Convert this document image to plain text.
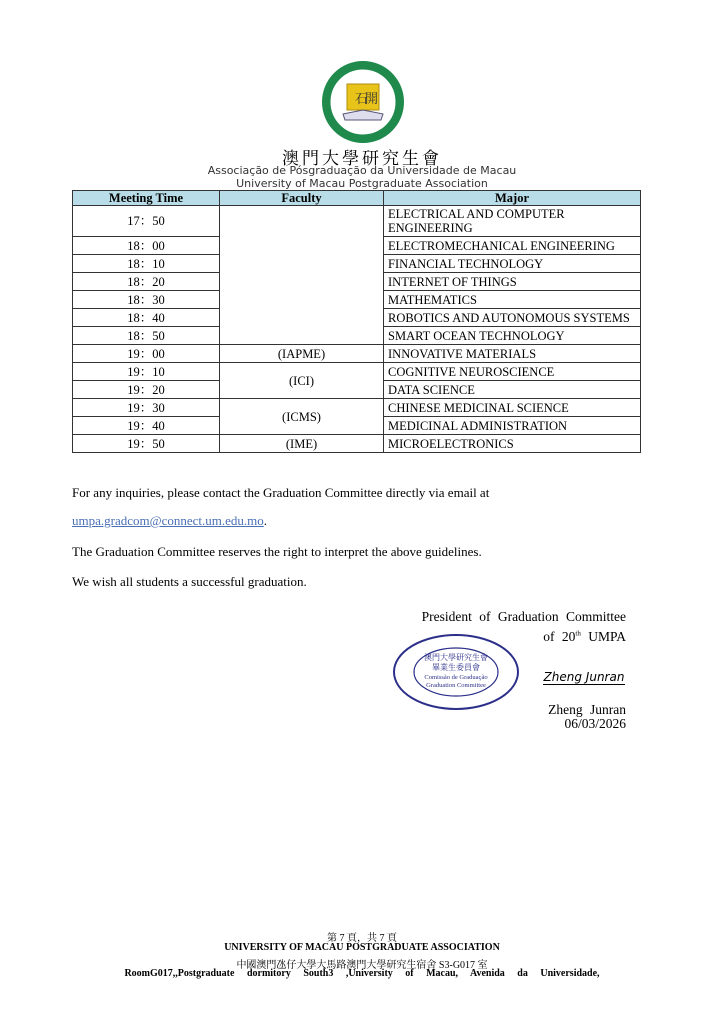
石
開
澳門大學研究生會
Associação de Pósgraduação da Universidade de Macau
University of Macau Postgraduate Association
Meeting Time	Faculty	Major
17：50		ELECTRICAL AND COMPUTER ENGINEERING
18：00		ELECTROMECHANICAL ENGINEERING
18：10		FINANCIAL TECHNOLOGY
18：20		INTERNET OF THINGS
18：30		MATHEMATICS
18：40		ROBOTICS AND AUTONOMOUS SYSTEMS
18：50		SMART OCEAN TECHNOLOGY
19：00	(IAPME)	INNOVATIVE MATERIALS
19：10	(ICI)	COGNITIVE NEUROSCIENCE
19：20		DATA SCIENCE
19：30	(ICMS)	CHINESE MEDICINAL SCIENCE
19：40		MEDICINAL ADMINISTRATION
19：50	(IME)	MICROELECTRONICS
For any inquiries, please contact the Graduation Committee directly via email at
umpa.gradcom@connect.um.edu.mo.
The Graduation Committee reserves the right to interpret the above guidelines.
We wish all students a successful graduation.
President of Graduation Committee
of 20th UMPA
澳門大學研究生會
畢業生委員會
Comissão de Graduação
Graduation Committee
Zheng Junran
Zheng Junran
06/03/2026
第 7 頁，共 7 頁
UNIVERSITY OF MACAU POSTGRADUATE ASSOCIATION
中國澳門氹仔大學大馬路澳門大學研究生宿舍 S3-G017 室
RoomG017,,Postgraduate dormitory South3 ,University of Macau, Avenida da Universidade,
